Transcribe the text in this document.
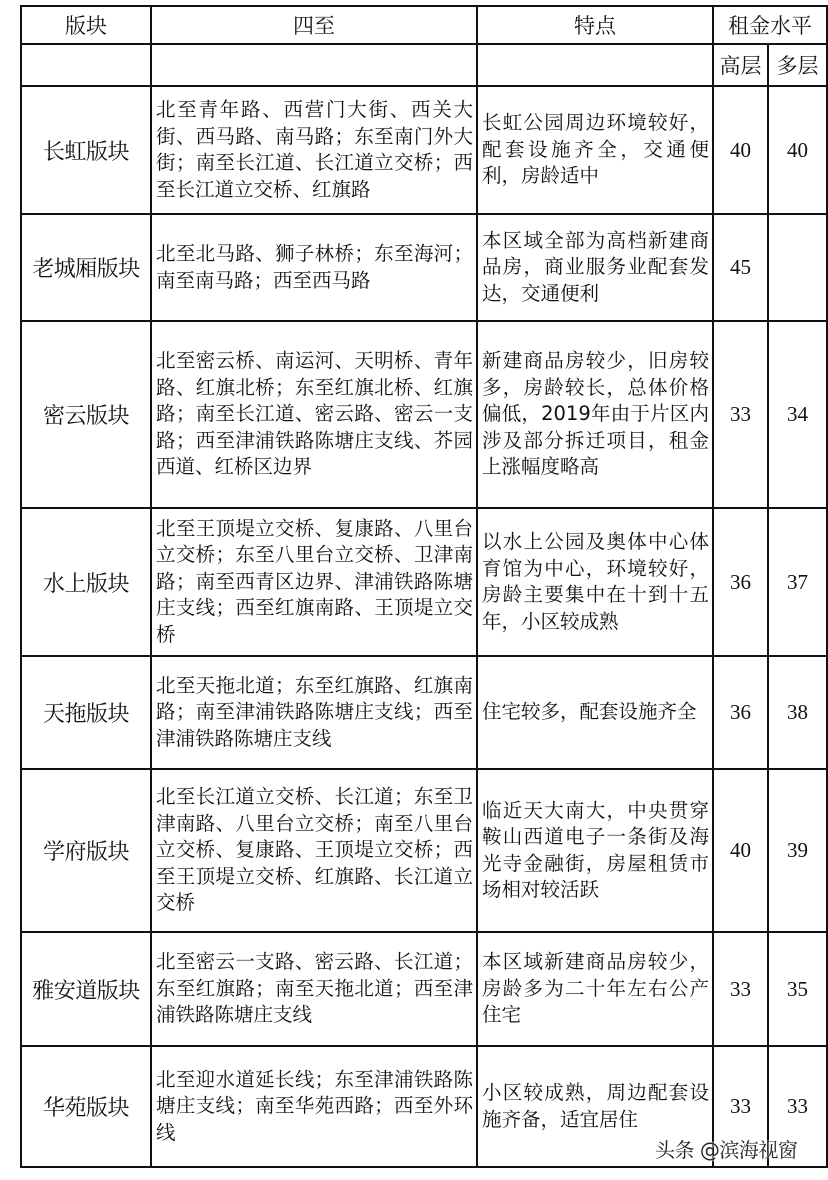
版块	四至	特点	租金水平	
			高层	多层
长虹版块	北至青年路、西营门大街、西关大街、西马路、南马路；东至南门外大街；南至长江道、长江道立交桥；西至长江道立交桥、红旗路	长虹公园周边环境较好，配套设施齐全，交通便利，房龄适中	40	40
老城厢版块	北至北马路、狮子林桥；东至海河；南至南马路；西至西马路	本区域全部为高档新建商品房，商业服务业配套发达，交通便利	45	
密云版块	北至密云桥、南运河、天明桥、青年路、红旗北桥；东至红旗北桥、红旗路；南至长江道、密云路、密云一支路；西至津浦铁路陈塘庄支线、芥园西道、红桥区边界	新建商品房较少，旧房较多，房龄较长，总体价格偏低，2019年由于片区内涉及部分拆迁项目，租金上涨幅度略高	33	34
水上版块	北至王顶堤立交桥、复康路、八里台立交桥；东至八里台立交桥、卫津南路；南至西青区边界、津浦铁路陈塘庄支线；西至红旗南路、王顶堤立交桥	以水上公园及奥体中心体育馆为中心，环境较好，房龄主要集中在十到十五年，小区较成熟	36	37
天拖版块	北至天拖北道；东至红旗路、红旗南路；南至津浦铁路陈塘庄支线；西至津浦铁路陈塘庄支线	住宅较多，配套设施齐全	36	38
学府版块	北至长江道立交桥、长江道；东至卫津南路、八里台立交桥；南至八里台立交桥、复康路、王顶堤立交桥；西至王顶堤立交桥、红旗路、长江道立交桥	临近天大南大，中央贯穿鞍山西道电子一条街及海光寺金融街，房屋租赁市场相对较活跃	40	39
雅安道版块	北至密云一支路、密云路、长江道；东至红旗路；南至天拖北道；西至津浦铁路陈塘庄支线	本区域新建商品房较少，房龄多为二十年左右公产住宅	33	35
华苑版块	北至迎水道延长线；东至津浦铁路陈塘庄支线；南至华苑西路；西至外环线	小区较成熟，周边配套设施齐备，适宜居住	33	33
头条 @滨海视窗
